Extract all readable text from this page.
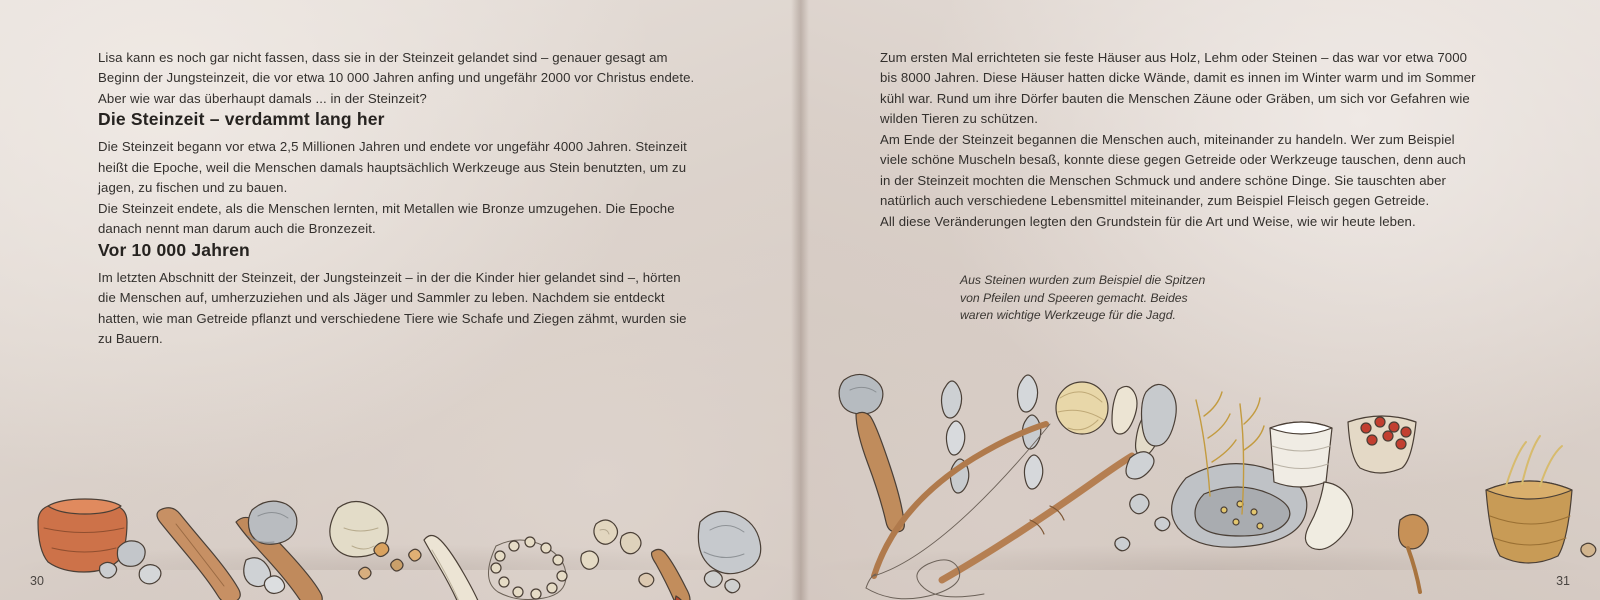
Lisa kann es noch gar nicht fassen, dass sie in der Steinzeit gelandet sind – genauer gesagt am Beginn der Jungsteinzeit, die vor etwa 10 000 Jahren anfing und ungefähr 2000 vor Christus endete. Aber wie war das überhaupt damals ... in der Steinzeit?

Die Steinzeit – verdammt lang her

Die Steinzeit begann vor etwa 2,5 Millionen Jahren und endete vor ungefähr 4000 Jahren. Steinzeit heißt die Epoche, weil die Menschen damals hauptsächlich Werkzeuge aus Stein benutzten, um zu jagen, zu fischen und zu bauen.

Die Steinzeit endete, als die Menschen lernten, mit Metallen wie Bronze umzugehen. Die Epoche danach nennt man darum auch die Bronzezeit.

Vor 10 000 Jahren

Im letzten Abschnitt der Steinzeit, der Jungsteinzeit – in der die Kinder hier gelandet sind –, hörten die Menschen auf, umherzuziehen und als Jäger und Sammler zu leben. Nachdem sie entdeckt hatten, wie man Getreide pflanzt und verschiedene Tiere wie Schafe und Ziegen zähmt, wurden sie zu Bauern.

30

Zum ersten Mal errichteten sie feste Häuser aus Holz, Lehm oder Steinen – das war vor etwa 7000 bis 8000 Jahren. Diese Häuser hatten dicke Wände, damit es innen im Winter warm und im Sommer kühl war. Rund um ihre Dörfer bauten die Menschen Zäune oder Gräben, um sich vor Gefahren wie wilden Tieren zu schützen.

Am Ende der Steinzeit begannen die Menschen auch, miteinander zu handeln. Wer zum Beispiel viele schöne Muscheln besaß, konnte diese gegen Getreide oder Werkzeuge tauschen, denn auch in der Steinzeit mochten die Menschen Schmuck und andere schöne Dinge. Sie tauschten aber natürlich auch verschiedene Lebensmittel miteinander, zum Beispiel Fleisch gegen Getreide.

All diese Veränderungen legten den Grundstein für die Art und Weise, wie wir heute leben.

Aus Steinen wurden zum Beispiel die Spitzen von Pfeilen und Speeren gemacht. Beides waren wichtige Werkzeuge für die Jagd.
31
